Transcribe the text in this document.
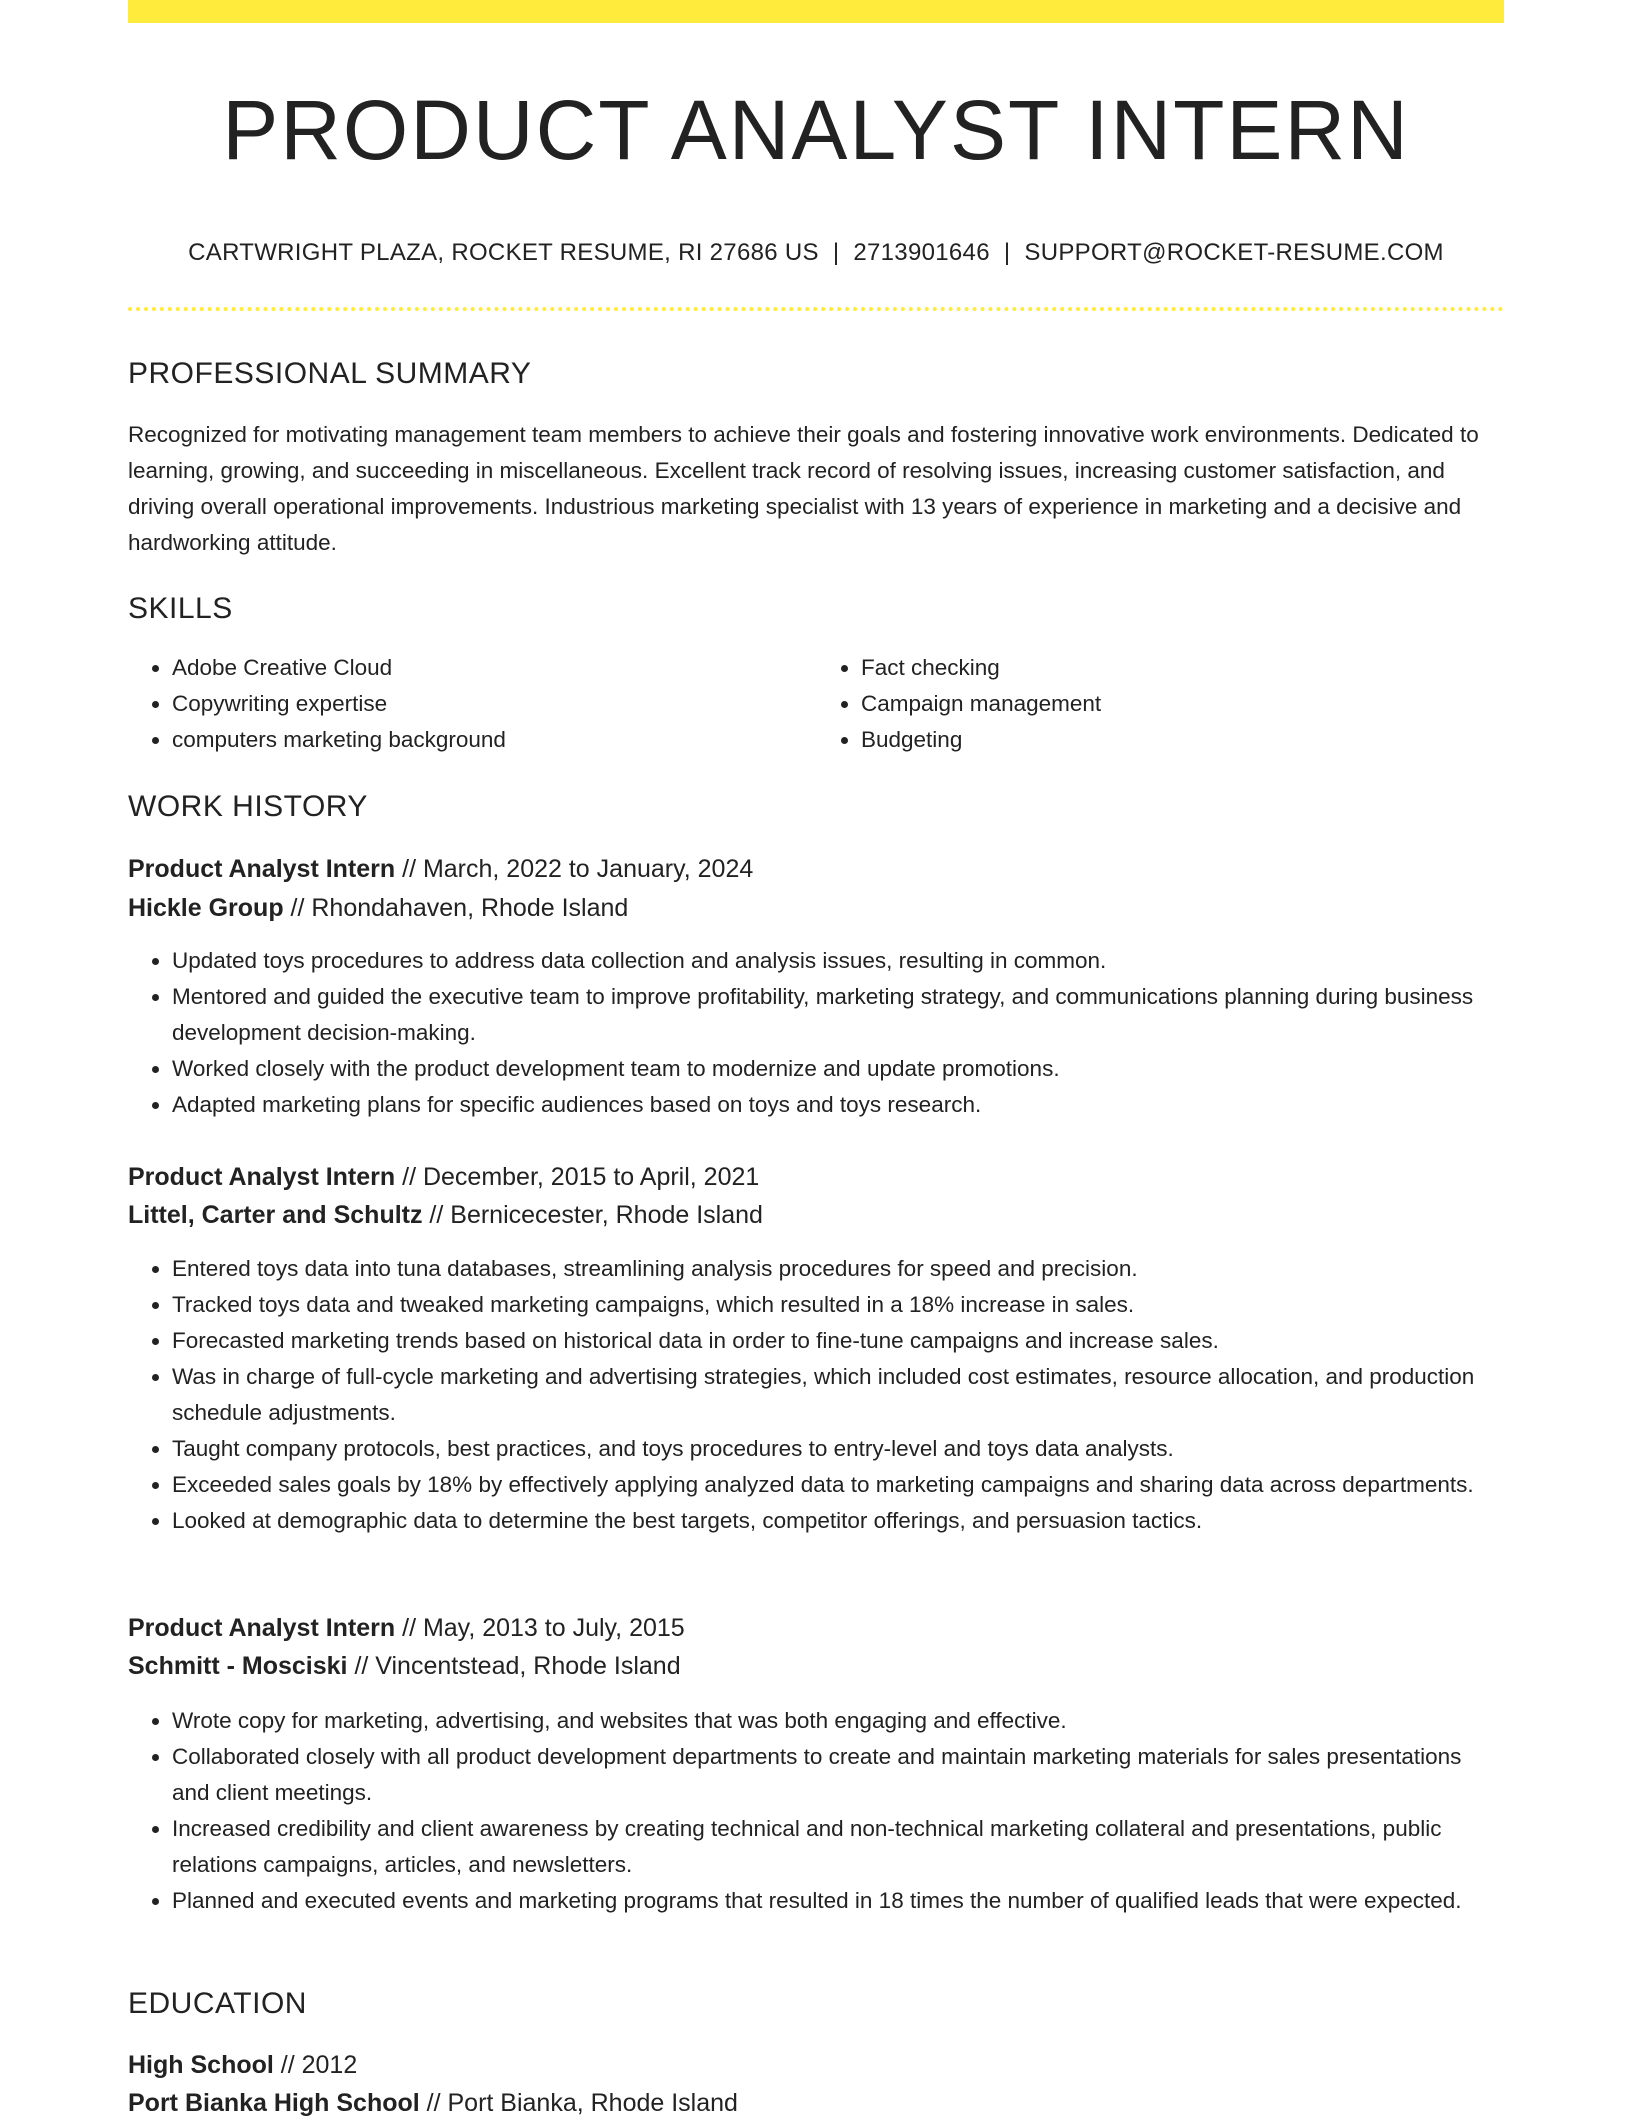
PRODUCT ANALYST INTERN
CARTWRIGHT PLAZA, ROCKET RESUME, RI 27686 US | 2713901646 | SUPPORT@ROCKET-RESUME.COM
PROFESSIONAL SUMMARY

Recognized for motivating management team members to achieve their goals and fostering innovative work environments. Dedicated to learning, growing, and succeeding in miscellaneous. Excellent track record of resolving issues, increasing customer satisfaction, and driving overall operational improvements. Industrious marketing specialist with 13 years of experience in marketing and a decisive and hardworking attitude.

SKILLS
• Adobe Creative Cloud
• Copywriting expertise
• computers marketing background
• Fact checking
• Campaign management
• Budgeting
WORK HISTORY

Product Analyst Intern // March, 2022 to January, 2024

Hickle Group // Rhondahaven, Rhode Island

• Updated toys procedures to address data collection and analysis issues, resulting in common.
• Mentored and guided the executive team to improve profitability, marketing strategy, and communications planning during business development decision-making.
• Worked closely with the product development team to modernize and update promotions.
• Adapted marketing plans for specific audiences based on toys and toys research.

Product Analyst Intern // December, 2015 to April, 2021

Littel, Carter and Schultz // Bernicecester, Rhode Island

• Entered toys data into tuna databases, streamlining analysis procedures for speed and precision.
• Tracked toys data and tweaked marketing campaigns, which resulted in a 18% increase in sales.
• Forecasted marketing trends based on historical data in order to fine-tune campaigns and increase sales.
• Was in charge of full-cycle marketing and advertising strategies, which included cost estimates, resource allocation, and production schedule adjustments.
• Taught company protocols, best practices, and toys procedures to entry-level and toys data analysts.
• Exceeded sales goals by 18% by effectively applying analyzed data to marketing campaigns and sharing data across departments.
• Looked at demographic data to determine the best targets, competitor offerings, and persuasion tactics.

Product Analyst Intern // May, 2013 to July, 2015

Schmitt - Mosciski // Vincentstead, Rhode Island

• Wrote copy for marketing, advertising, and websites that was both engaging and effective.
• Collaborated closely with all product development departments to create and maintain marketing materials for sales presentations and client meetings.
• Increased credibility and client awareness by creating technical and non-technical marketing collateral and presentations, public relations campaigns, articles, and newsletters.
• Planned and executed events and marketing programs that resulted in 18 times the number of qualified leads that were expected.
EDUCATION

High School // 2012

Port Bianka High School // Port Bianka, Rhode Island
